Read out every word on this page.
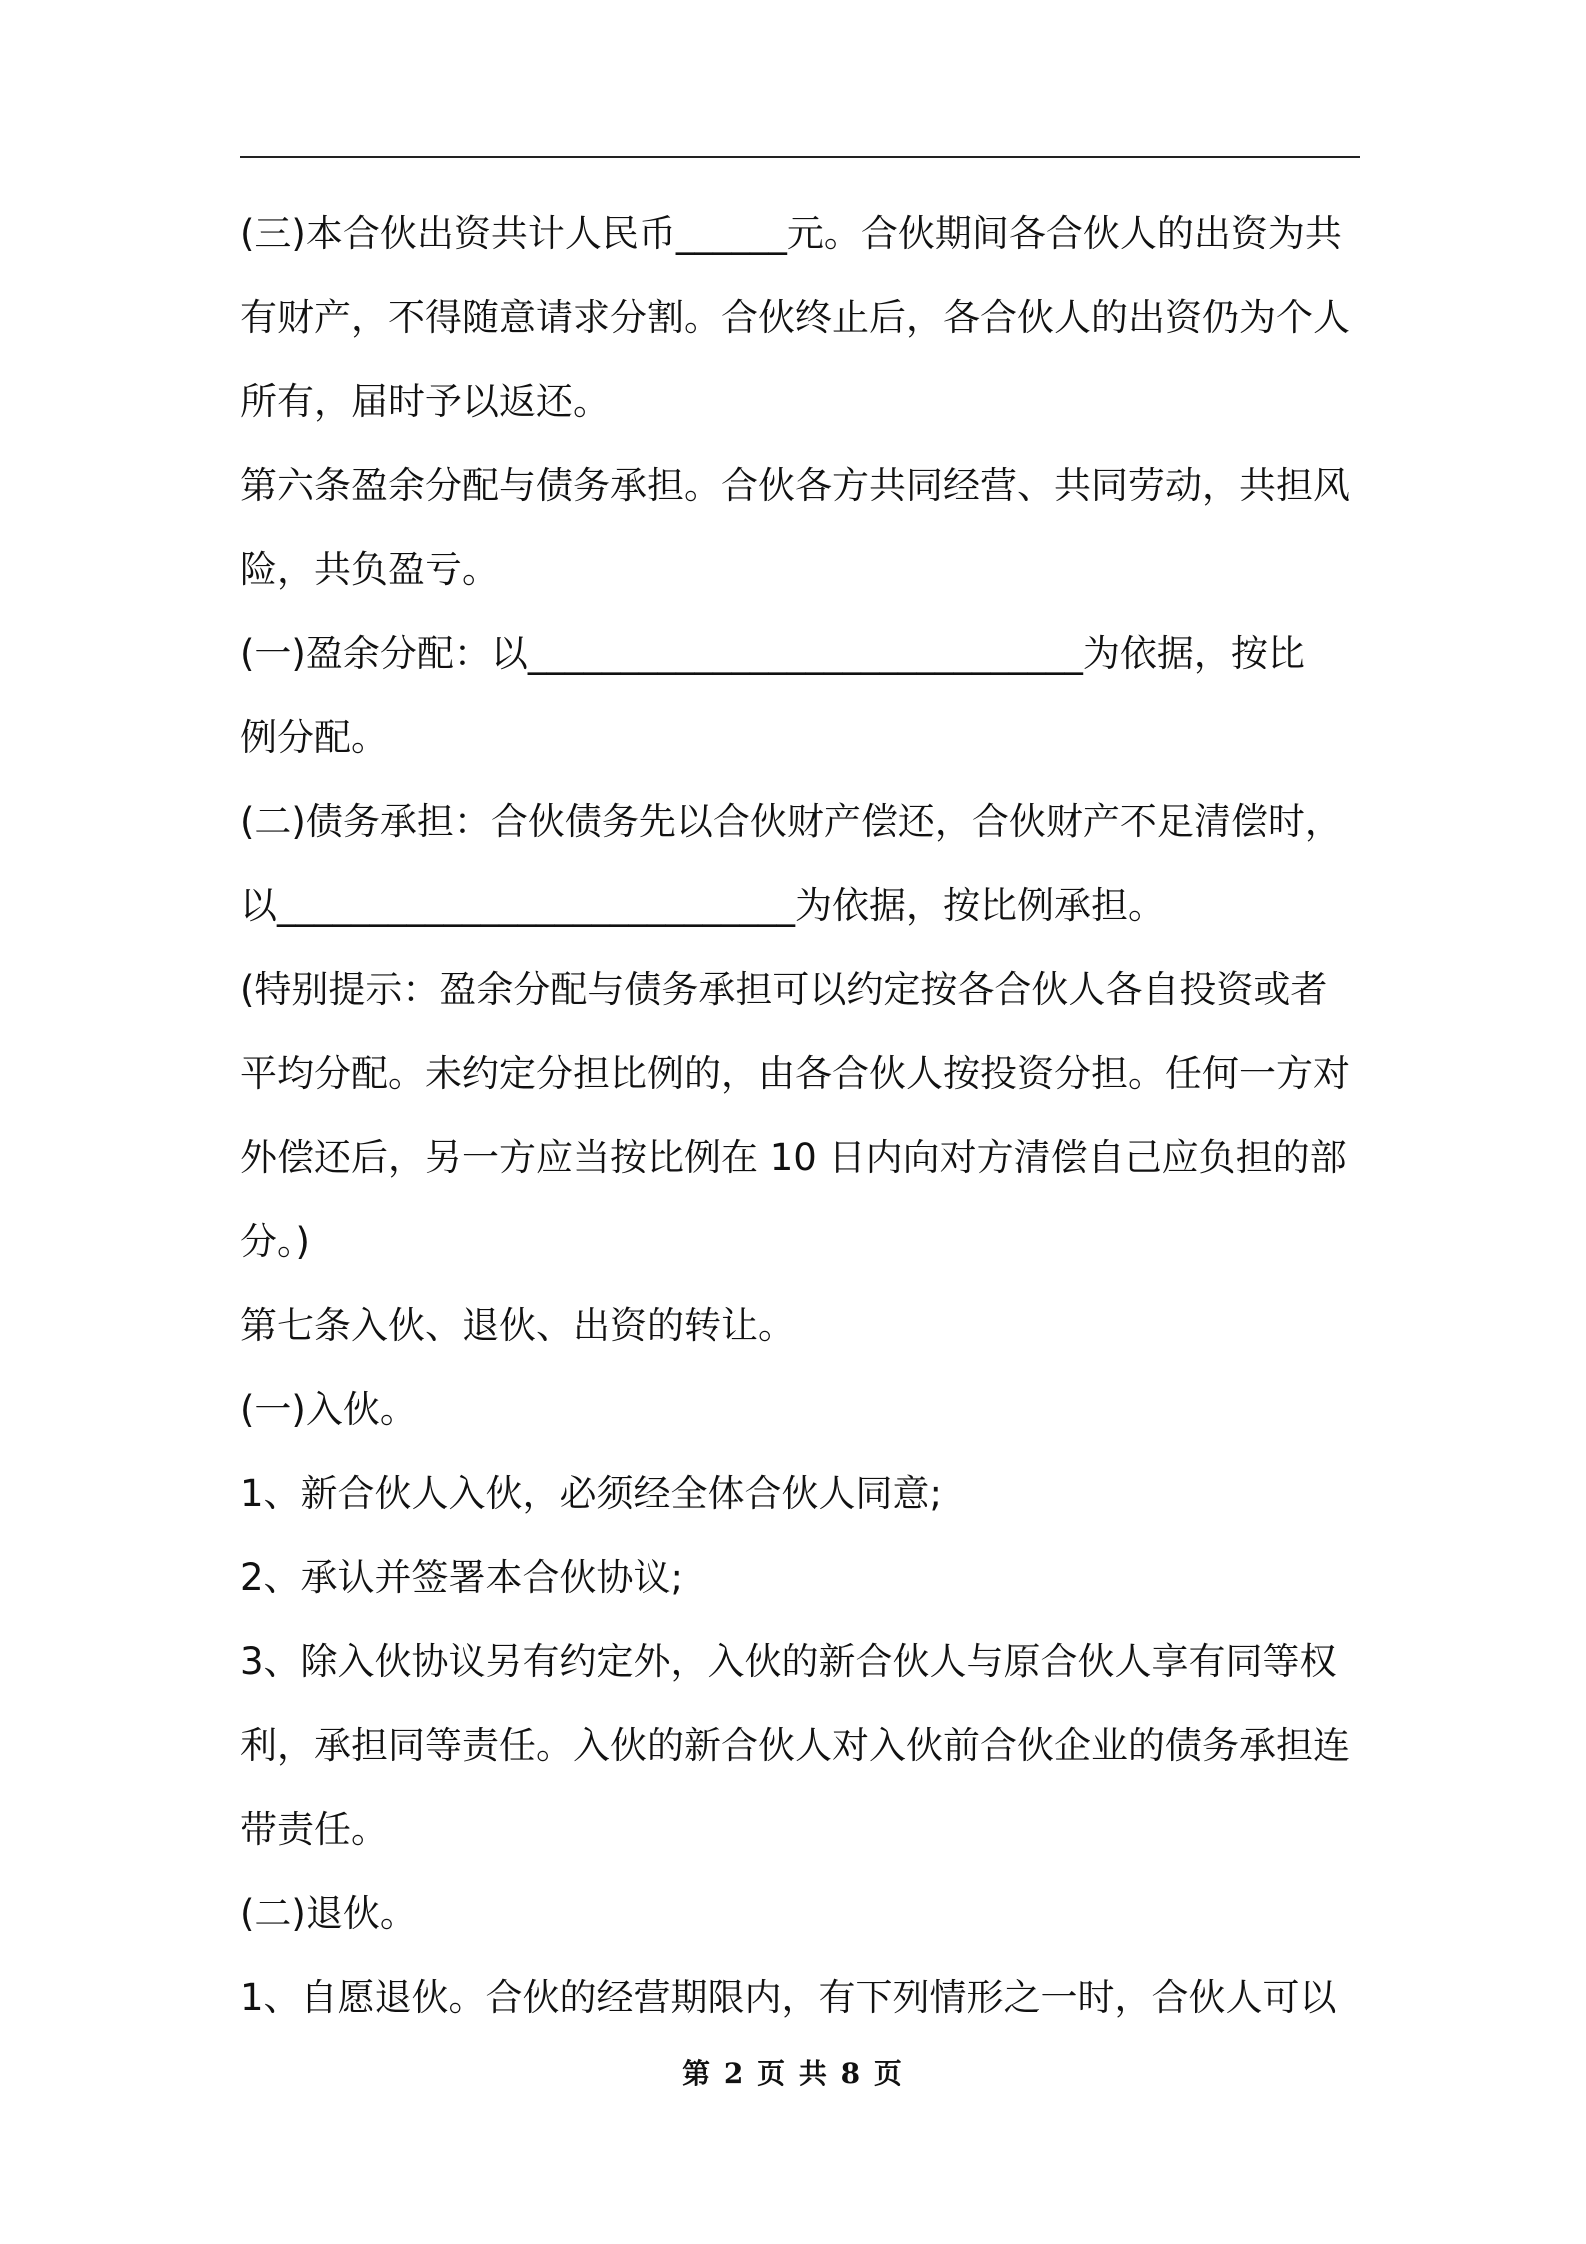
(三)本合伙出资共计人民币______元。合伙期间各合伙人的出资为共
有财产，不得随意请求分割。合伙终止后，各合伙人的出资仍为个人
所有，届时予以返还。
第六条盈余分配与债务承担。合伙各方共同经营、共同劳动，共担风
险，共负盈亏。
(一)盈余分配：以______________________________为依据，按比
例分配。
(二)债务承担：合伙债务先以合伙财产偿还，合伙财产不足清偿时，
以____________________________为依据，按比例承担。
(特别提示：盈余分配与债务承担可以约定按各合伙人各自投资或者
平均分配。未约定分担比例的，由各合伙人按投资分担。任何一方对
外偿还后，另一方应当按比例在 10 日内向对方清偿自己应负担的部
分。)
第七条入伙、退伙、出资的转让。
(一)入伙。
1、新合伙人入伙，必须经全体合伙人同意;
2、承认并签署本合伙协议;
3、除入伙协议另有约定外，入伙的新合伙人与原合伙人享有同等权
利，承担同等责任。入伙的新合伙人对入伙前合伙企业的债务承担连
带责任。
(二)退伙。
1、自愿退伙。合伙的经营期限内，有下列情形之一时，合伙人可以
第 2 页 共 8 页
